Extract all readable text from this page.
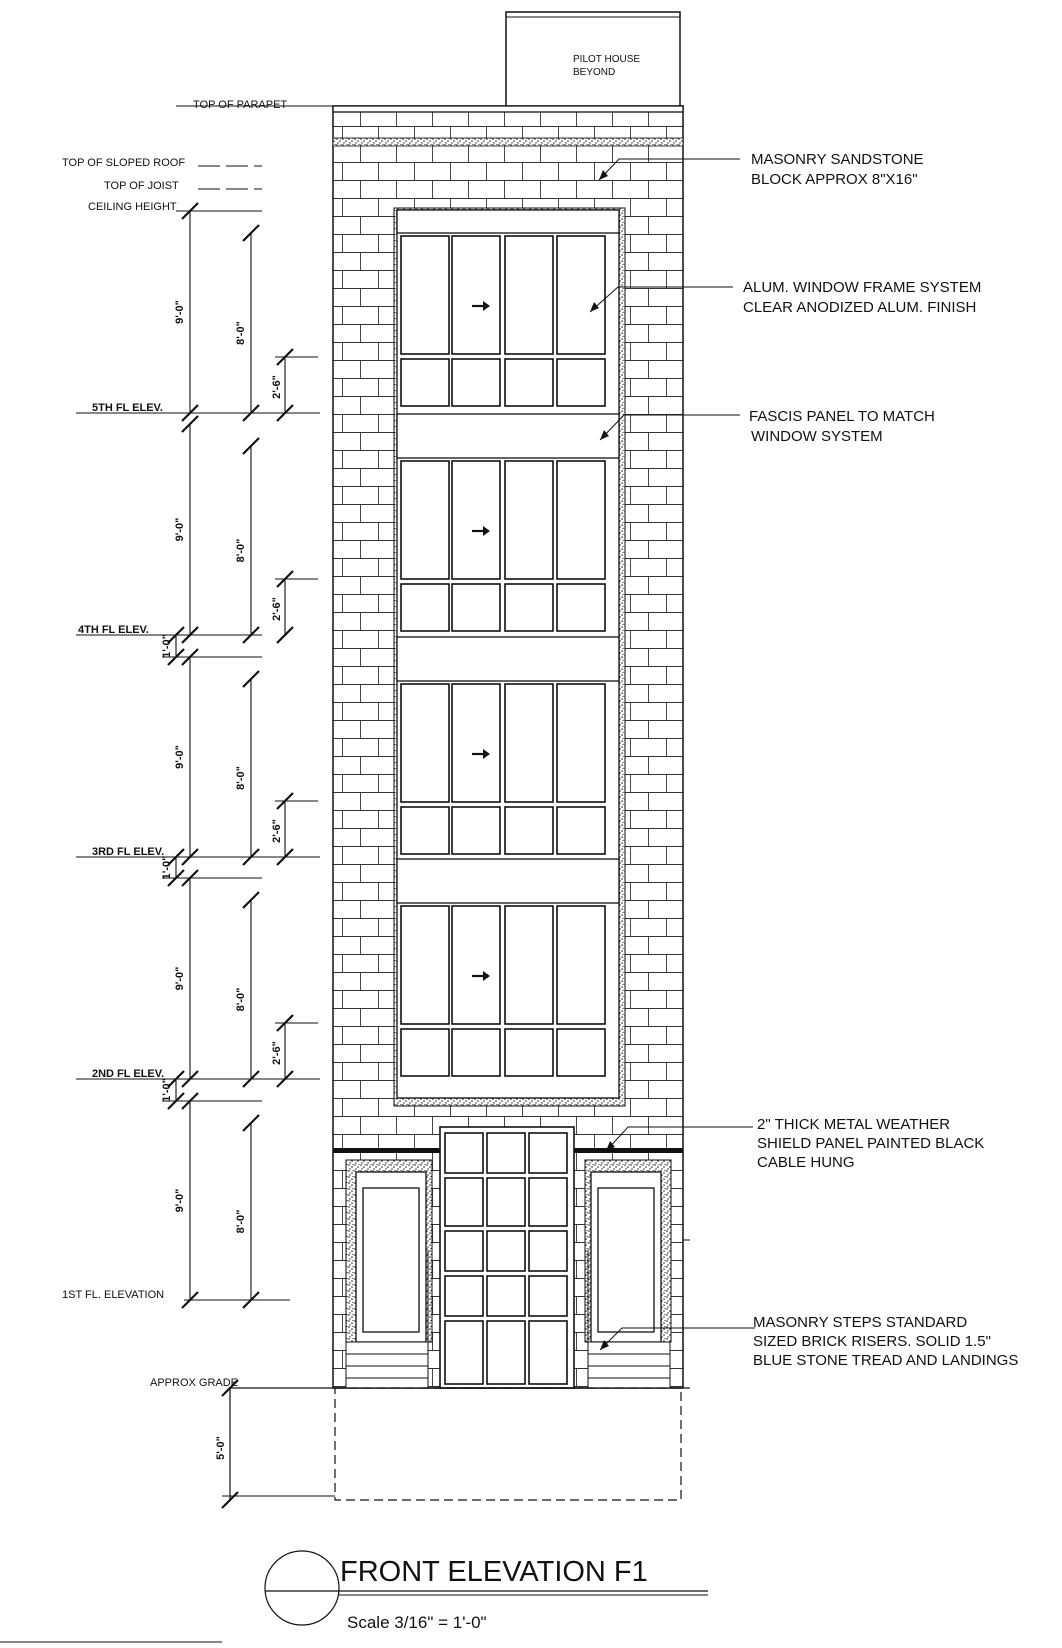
PILOT HOUSE
BEYOND
TOP OF PARAPET
TOP OF SLOPED ROOF
TOP OF JOIST
CEILING HEIGHT
5TH FL ELEV.
4TH FL ELEV.
3RD FL ELEV.
2ND FL ELEV.
1ST FL. ELEVATION
APPROX GRADE
9'-0"
8'-0"
2'-6"
9'-0"
8'-0"
2'-6"
1'-0"
9'-0"
8'-0"
2'-6"
1'-0"
9'-0"
8'-0"
2'-6"
1'-0"
9'-0"
8'-0"
5'-0"
MASONRY SANDSTONE
BLOCK APPROX 8"X16"
ALUM. WINDOW FRAME SYSTEM
CLEAR ANODIZED ALUM. FINISH
FASCIS PANEL TO MATCH
WINDOW SYSTEM
2" THICK METAL WEATHER
SHIELD PANEL PAINTED BLACK
CABLE HUNG
MASONRY STEPS STANDARD
SIZED BRICK RISERS. SOLID 1.5"
BLUE STONE TREAD AND LANDINGS
FRONT ELEVATION F1
Scale 3/16" = 1'-0"
